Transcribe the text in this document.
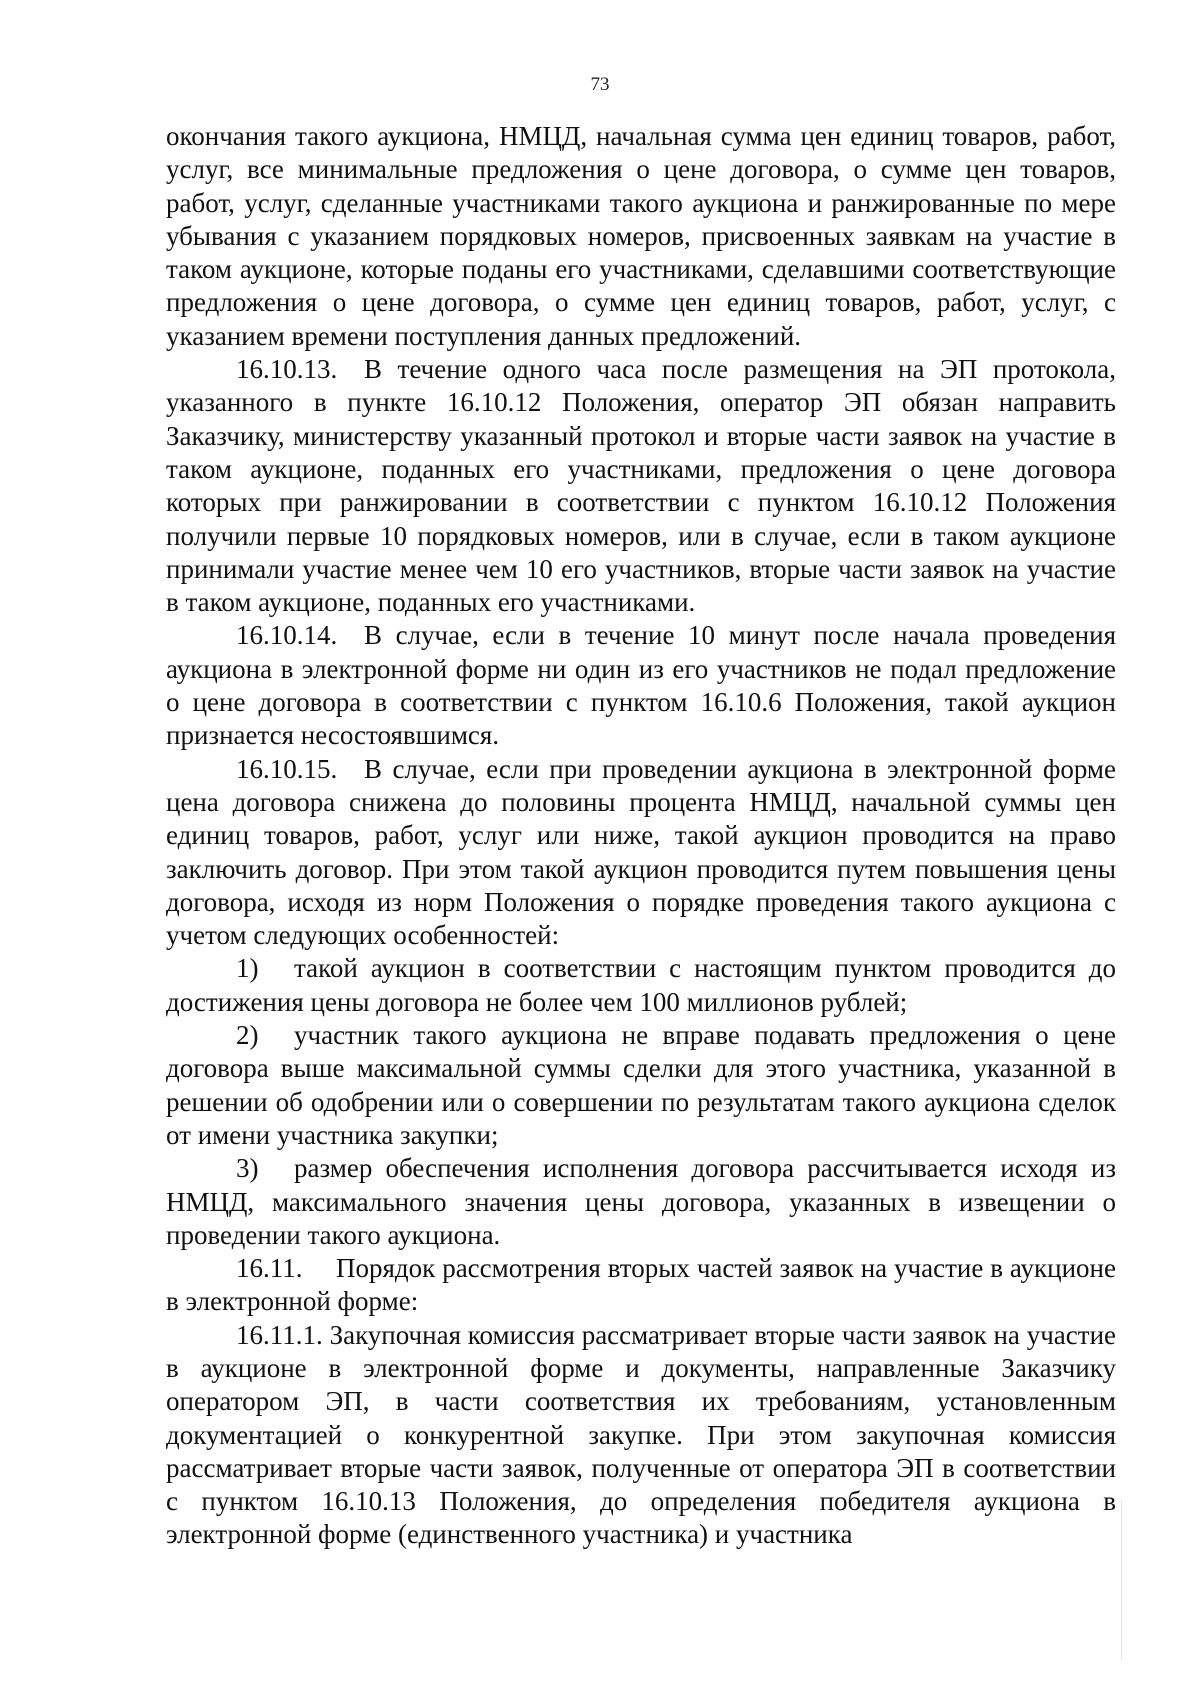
73

окончания такого аукциона, НМЦД, начальная сумма цен единиц товаров, работ, услуг, все минимальные предложения о цене договора, о сумме цен товаров, работ, услуг, сделанные участниками такого аукциона и ранжированные по мере убывания с указанием порядковых номеров, присвоенных заявкам на участие в таком аукционе, которые поданы его участниками, сделавшими соответствующие предложения о цене договора, о сумме цен единиц товаров, работ, услуг, с указанием времени поступления данных предложений.

16.10.13. В течение одного часа после размещения на ЭП протокола, указанного в пункте 16.10.12 Положения, оператор ЭП обязан направить Заказчику, министерству указанный протокол и вторые части заявок на участие в таком аукционе, поданных его участниками, предложения о цене договора которых при ранжировании в соответствии с пунктом 16.10.12 Положения получили первые 10 порядковых номеров, или в случае, если в таком аукционе принимали участие менее чем 10 его участников, вторые части заявок на участие в таком аукционе, поданных его участниками.

16.10.14. В случае, если в течение 10 минут после начала проведения аукциона в электронной форме ни один из его участников не подал предложение о цене договора в соответствии с пунктом 16.10.6 Положения, такой аукцион признается несостоявшимся.

16.10.15. В случае, если при проведении аукциона в электронной форме цена договора снижена до половины процента НМЦД, начальной суммы цен единиц товаров, работ, услуг или ниже, такой аукцион проводится на право заключить договор. При этом такой аукцион проводится путем повышения цены договора, исходя из норм Положения о порядке проведения такого аукциона с учетом следующих особенностей:

1) такой аукцион в соответствии с настоящим пунктом проводится до достижения цены договора не более чем 100 миллионов рублей;

2) участник такого аукциона не вправе подавать предложения о цене договора выше максимальной суммы сделки для этого участника, указанной в решении об одобрении или о совершении по результатам такого аукциона сделок от имени участника закупки;

3) размер обеспечения исполнения договора рассчитывается исходя из НМЦД, максимального значения цены договора, указанных в извещении о проведении такого аукциона.

16.11. Порядок рассмотрения вторых частей заявок на участие в аукционе в электронной форме:

16.11.1. Закупочная комиссия рассматривает вторые части заявок на участие в аукционе в электронной форме и документы, направленные Заказчику оператором ЭП, в части соответствия их требованиям, установленным документацией о конкурентной закупке. При этом закупочная комиссия рассматривает вторые части заявок, полученные от оператора ЭП в соответствии с пунктом 16.10.13 Положения, до определения победителя аукциона в электронной форме (единственного участника) и участника
